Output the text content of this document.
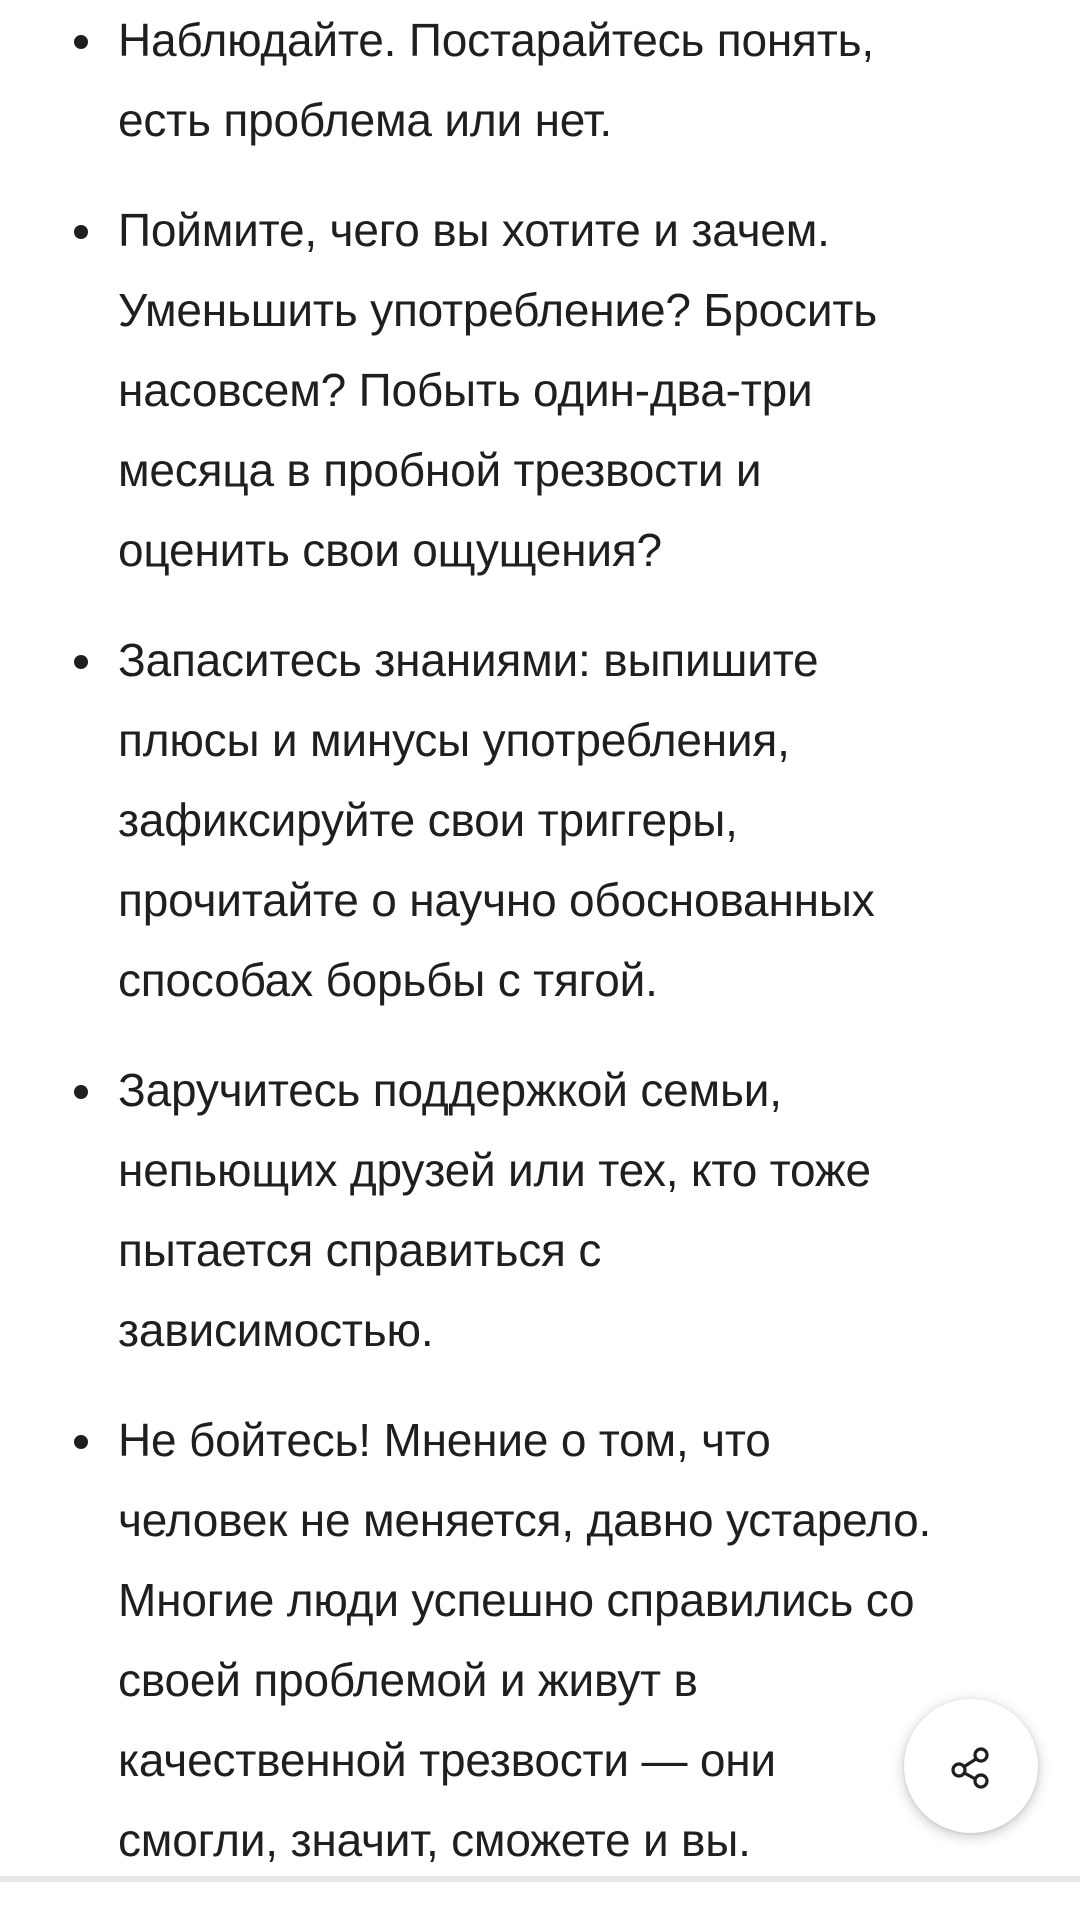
Наблюдайте. Постарайтесь понять,
есть проблема или нет.
Поймите, чего вы хотите и зачем.
Уменьшить употребление? Бросить
насовсем? Побыть один-два-три
месяца в пробной трезвости и
оценить свои ощущения?
Запаситесь знаниями: выпишите
плюсы и минусы употребления,
зафиксируйте свои триггеры,
прочитайте о научно обоснованных
способах борьбы с тягой.
Заручитесь поддержкой семьи,
непьющих друзей или тех, кто тоже
пытается справиться с
зависимостью.
Не бойтесь! Мнение о том, что
человек не меняется, давно устарело.
Многие люди успешно справились со
своей проблемой и живут в
качественной трезвости — они
смогли, значит, сможете и вы.
